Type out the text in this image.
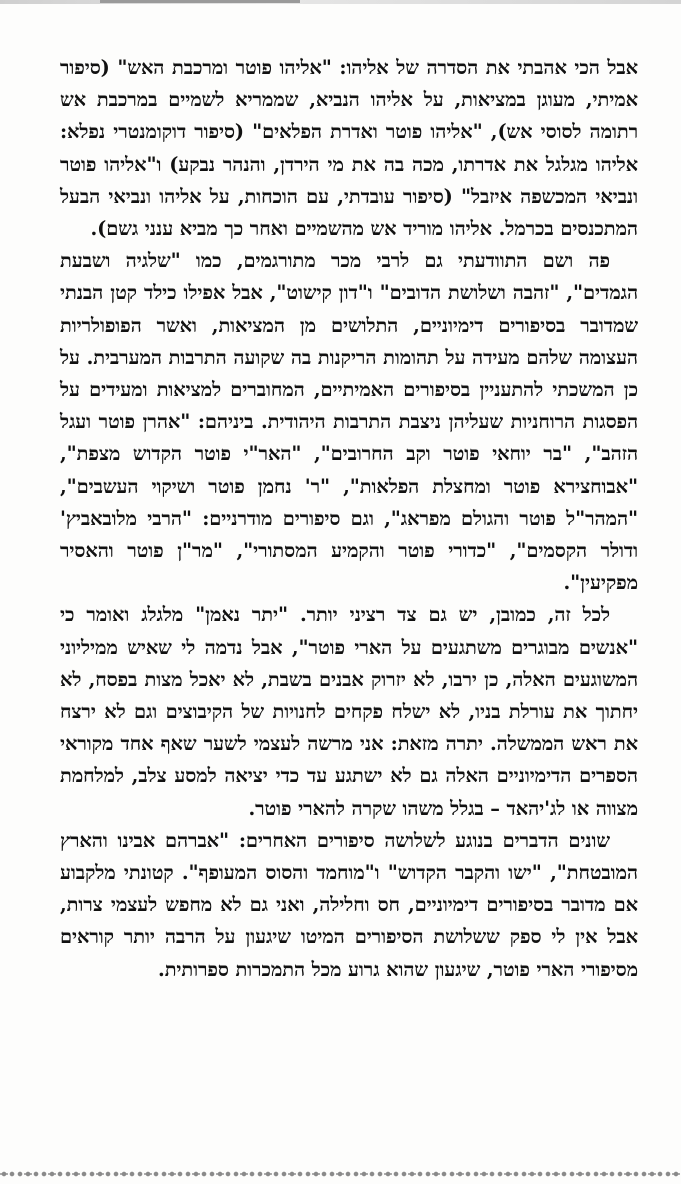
אבל הכי אהבתי את הסדרה של אליהו: "אליהו פוטר ומרכבת האש" (סיפור אמיתי, מעוגן במציאות, על אליהו הנביא, שממריא לשמיים במרכבת אש רתומה לסוסי אש), "אליהו פוטר ואדרת הפלאים" (סיפור דוקומנטרי נפלא: אליהו מגלגל את אדרתו, מכה בה את מי הירדן, והנהר נבקע) ו"אליהו פוטר ונביאי המכשפה איזבל" (סיפור עובדתי, עם הוכחות, על אליהו ונביאי הבעל המתכנסים בכרמל. אליהו מוריד אש מהשמיים ואחר כך מביא ענני גשם).

פה ושם התוודעתי גם לרבי מכר מתורגמים, כמו "שלגיה ושבעת הגמדים", "זהבה ושלושת הדובים" ו"דון קישוט", אבל אפילו כילד קטן הבנתי שמדובר בסיפורים דימיוניים, התלושים מן המציאות, ואשר הפופולריות העצומה שלהם מעידה על תהומות הריקנות בה שקועה התרבות המערבית. על כן המשכתי להתעניין בסיפורים האמיתיים, המחוברים למציאות ומעידים על הפסגות הרוחניות שעליהן ניצבת התרבות היהודית. ביניהם: "אהרן פוטר ועגל הזהב", "בר יוחאי פוטר וקב החרובים", "האר"י פוטר הקדוש מצפת", "אבוחצירא פוטר ומחצלת הפלאות", "ר' נחמן פוטר ושיקוי העשבים", "המהר"ל פוטר והגולם מפראג", וגם סיפורים מודרניים: "הרבי מלובאביץ' ודולר הקסמים", "כדורי פוטר והקמיע המסתורי", "מר"ן פוטר והאסיר מפקיעין".

לכל זה, כמובן, יש גם צד רציני יותר. "יתר נאמן" מלגלג ואומר כי "אנשים מבוגרים משתגעים על הארי פוטר", אבל נדמה לי שאיש ממיליוני המשוגעים האלה, כן ירבו, לא יזרוק אבנים בשבת, לא יאכל מצות בפסח, לא יחתוך את עורלת בניו, לא ישלח פקחים לחנויות של הקיבוצים וגם לא ירצח את ראש הממשלה. יתרה מזאת: אני מרשה לעצמי לשער שאף אחד מקוראי הספרים הדימיוניים האלה גם לא ישתגע עד כדי יציאה למסע צלב, למלחמת מצווה או לג'יהאד – בגלל משהו שקרה להארי פוטר.

שונים הדברים בנוגע לשלושה סיפורים האחרים: "אברהם אבינו והארץ המובטחת", "ישו והקבר הקדוש" ו"מוחמד והסוס המעופף". קטונתי מלקבוע אם מדובר בסיפורים דימיוניים, חס וחלילה, ואני גם לא מחפש לעצמי צרות, אבל אין לי ספק ששלושת הסיפורים המיטו שיגעון על הרבה יותר קוראים מסיפורי הארי פוטר, שיגעון שהוא גרוע מכל התמכרות ספרותית.
